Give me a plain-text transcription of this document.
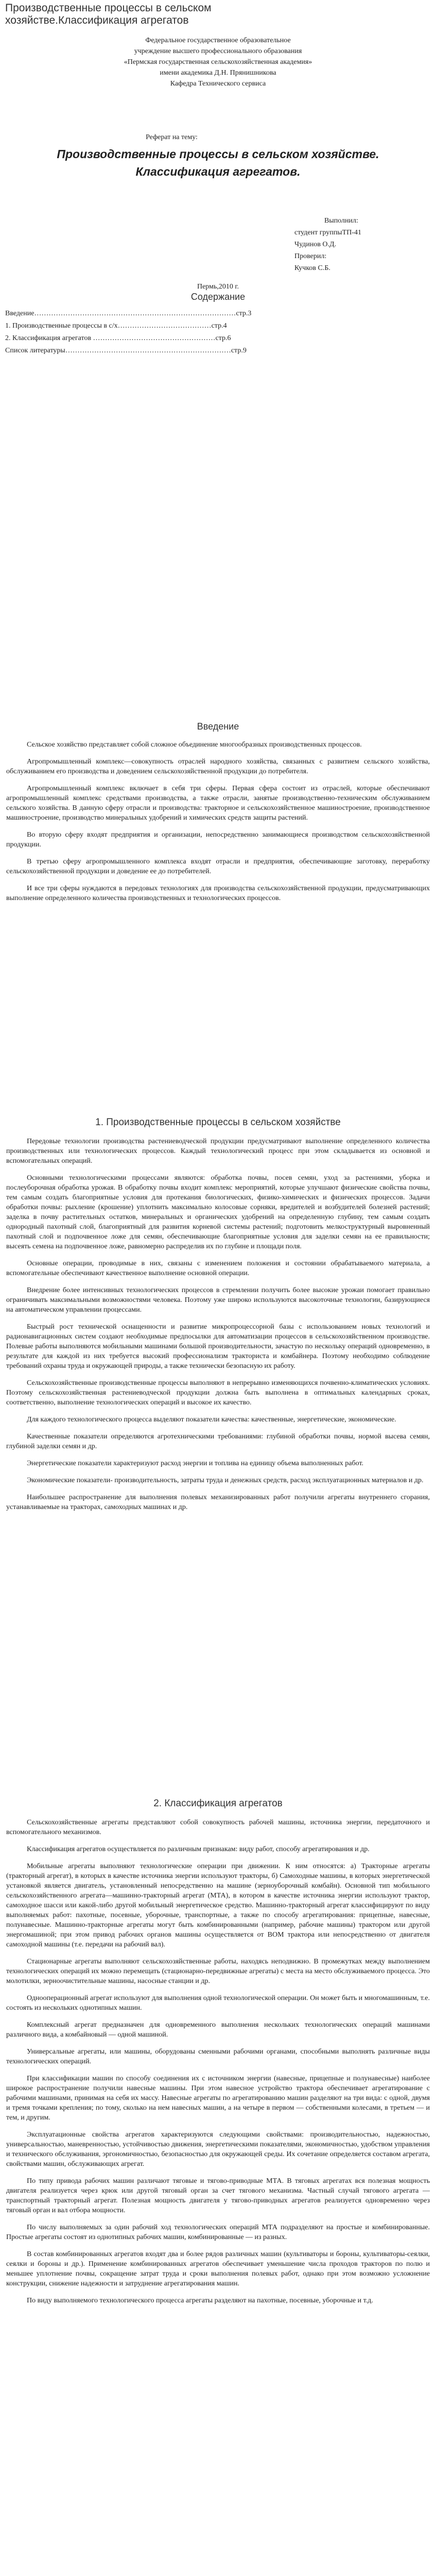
Производственные процессы в сельском хозяйстве.Классификация агрегатов
Федеральное государственное образовательное
учреждение высшего профессионального образования
«Пермская государственная сельскохозяйственная академия»
имени академика Д.Н. Прянишникова
Кафедра Технического сервиса
Реферат на тему:
Производственные процессы в сельском хозяйстве.
Классификация агрегатов.
Выполнил:
студент группыТП-41
Чудинов О.Д.
Проверил:
Кучков С.Б.
Пермь,2010 г.
Содержание
Введение…………………………………………………………………………стр.3
1. Производственные процессы в с/х…………………………………стр.4
2. Классификация агрегатов ……………………………………………стр.6
Список литературы……………………………………………………………стр.9
Введение

Сельское хозяйство представляет собой сложное объединение многообразных производственных процессов.

Агропромышленный комплекс—совокупность отраслей народного хозяйства, связанных с развитием сельского хозяйства, обслуживанием его производства и доведением сельскохозяйственной продукции до потребителя.

Агропромышленный комплекс включает в себя три сферы. Первая сфера состоит из отраслей, которые обеспечивают агропромышленный комплекс средствами производства, а также отрасли, занятые производственно-техническим обслуживанием сельского хозяйства. В данную сферу отрасли и производства: тракторное и сельскохозяйственное машиностроение, производственное машиностроение, производство минеральных удобрений и химических средств защиты растений.

Во вторую сферу входят предприятия и организации, непосредственно занимающиеся производством сельскохозяйственной продукции.

В третью сферу агропромышленного комплекса входят отрасли и предприятия, обеспечивающие заготовку, переработку сельскохозяйственной продукции и доведение ее до потребителей.

И все три сферы нуждаются в передовых технологиях для производства сельскохозяйственной продукции, предусматривающих выполнение определенного количества производственных и технологических процессов.

1. Производственные процессы в сельском хозяйстве

Передовые технологии производства растениеводческой продукции предусматривают выполнение определенного количества производственных или технологических процессов. Каждый технологический процесс при этом складывается из основной и вспомогательных операций.

Основными технологическими процессами являются: обработка почвы, посев семян, уход за растениями, уборка и послеуборочная обработка урожая. В обработку почвы входит комплекс мероприятий, которые улучшают физические свойства почвы, тем самым создать благоприятные условия для протекания биологических, физико-химических и физических процессов. Задачи обработки почвы: рыхление (крошение) уплотнить максимально колосовые сорняки, вредителей и возбудителей болезней растений; заделка в почву растительных остатков, минеральных и органических удобрений на определенную глубину, тем самым создать однородный пахотный слой, благоприятный для развития корневой системы растений; подготовить мелкоструктурный выровненный пахотный слой и подпочвенное ложе для семян, обеспечивающие благоприятные условия для заделки семян на ее правильности; высеять семена на подпочвенное ложе, равномерно распределив их по глубине и площади поля.

Основные операции, проводимые в них, связаны с изменением положения и состоянии обрабатываемого материала, а вспомогательные обеспечивают качественное выполнение основной операции.

Внедрение более интенсивных технологических процессов в стремлении получить более высокие урожаи помогает правильно ограничивать максимальными возможностями человека. Поэтому уже широко используются высокоточные технологии, базирующиеся на автоматическом управлении процессами.

Быстрый рост технической оснащенности и развитие микропроцессорной базы с использованием новых технологий и радионавигационных систем создают необходимые предпосылки для автоматизации процессов в сельскохозяйственном производстве. Полевые работы выполняются мобильными машинами большой производительности, зачастую по нескольку операций одновременно, в результате для каждой из них требуется высокий профессионализм тракториста и комбайнера. Поэтому необходимо соблюдение требований охраны труда и окружающей природы, а также технически безопасную их работу.

Сельскохозяйственные производственные процессы выполняют в непрерывно изменяющихся почвенно-климатических условиях. Поэтому сельскохозяйственная растениеводческой продукции должна быть выполнена в оптимальных календарных сроках, соответственно, выполнение технологических операций и высокое их качество.

Для каждого технологического процесса выделяют показатели качества: качественные, энергетические, экономические.

Качественные показатели определяются агротехническими требованиями: глубиной обработки почвы, нормой высева семян, глубиной заделки семян и др.

Энергетические показатели характеризуют расход энергии и топлива на единицу объема выполненных работ.

Экономические показатели- производительность, затраты труда и денежных средств, расход эксплуатационных материалов и др.

Наибольшее распространение для выполнения полевых механизированных работ получили агрегаты внутреннего сгорания, устанавливаемые на тракторах, самоходных машинах и др.

2. Классификация агрегатов

Сельскохозяйственные агрегаты представляют собой совокупность рабочей машины, источника энергии, передаточного и вспомогательного механизмов.

Классификация агрегатов осуществляется по различным признакам: виду работ, способу агрегатирования и др.

Мобильные агрегаты выполняют технологические операции при движении. К ним относятся: а) Тракторные агрегаты (тракторный агрегат), в которых в качестве источника энергии используют тракторы, б) Самоходные машины, в которых энергетической установкой является двигатель, установленный непосредственно на машине (зерноуборочный комбайн). Основной тип мобильного сельскохозяйственного агрегата—машинно-тракторный агрегат (МТА), в котором в качестве источника энергии используют трактор, самоходное шасси или какой-либо другой мобильный энергетическое средство. Машинно-тракторный агрегат классифицируют по виду выполняемых работ: пахотные, посевные, уборочные, транспортные, а также по способу агрегатирования: прицепные, навесные, полунавесные. Машинно-тракторные агрегаты могут быть комбинированными (например, рабочие машины) трактором или другой энергомашиной; при этом привод рабочих органов машины осуществляется от ВОМ трактора или непосредственно от двигателя самоходной машины (т.е. передачи на рабочий вал).

Стационарные агрегаты выполняют сельскохозяйственные работы, находясь неподвижно. В промежутках между выполнением технологических операций их можно перемещать (стационарно-передвижные агрегаты) с места на место обслуживаемого процесса. Это молотилки, зерноочистительные машины, насосные станции и др.

Однооперационный агрегат используют для выполнения одной технологической операции. Он может быть и многомашинным, т.е. состоять из нескольких однотипных машин.

Комплексный агрегат предназначен для одновременного выполнения нескольких технологических операций машинами различного вида, а комбайновый — одной машиной.

Универсальные агрегаты, или машины, оборудованы сменными рабочими органами, способными выполнять различные виды технологических операций.

При классификации машин по способу соединения их с источником энергии (навесные, прицепные и полунавесные) наиболее широкое распространение получили навесные машины. При этом навесное устройство трактора обеспечивает агрегатирование с рабочими машинами, принимая на себя их массу. Навесные агрегаты по агрегатированию машин разделяют на три вида: с одной, двумя и тремя точками крепления; по тому, сколько на нем навесных машин, а на четыре в первом — собственными колесами, в третьем — и тем, и другим.

Эксплуатационные свойства агрегатов характеризуются следующими свойствами: производительностью, надежностью, универсальностью, маневренностью, устойчивостью движения, энергетическими показателями, экономичностью, удобством управления и технического обслуживания, эргономичностью, безопасностью для окружающей среды. Их сочетание определяется составом агрегата, свойствами машин, обслуживающих агрегат.

По типу привода рабочих машин различают тяговые и тягово-приводные МТА. В тяговых агрегатах вся полезная мощность двигателя реализуется через крюк или другой тяговый орган за счет тягового механизма. Частный случай тягового агрегата — транспортный тракторный агрегат. Полезная мощность двигателя у тягово-приводных агрегатов реализуется одновременно через тяговый орган и вал отбора мощности.

По числу выполняемых за один рабочий ход технологических операций МТА подразделяют на простые и комбинированные. Простые агрегаты состоят из однотипных рабочих машин, комбинированные — из разных.

В состав комбинированных агрегатов входят два и более рядов различных машин (культиваторы и бороны, культиваторы-сеялки, сеялки и бороны и др.). Применение комбинированных агрегатов обеспечивает уменьшение числа проходов тракторов по полю и меньшее уплотнение почвы, сокращение затрат труда и сроки выполнения полевых работ, однако при этом возможно усложнение конструкции, снижение надежности и затруднение агрегатирования машин.

По виду выполняемого технологического процесса агрегаты разделяют на пахотные, посевные, уборочные и т.д.
